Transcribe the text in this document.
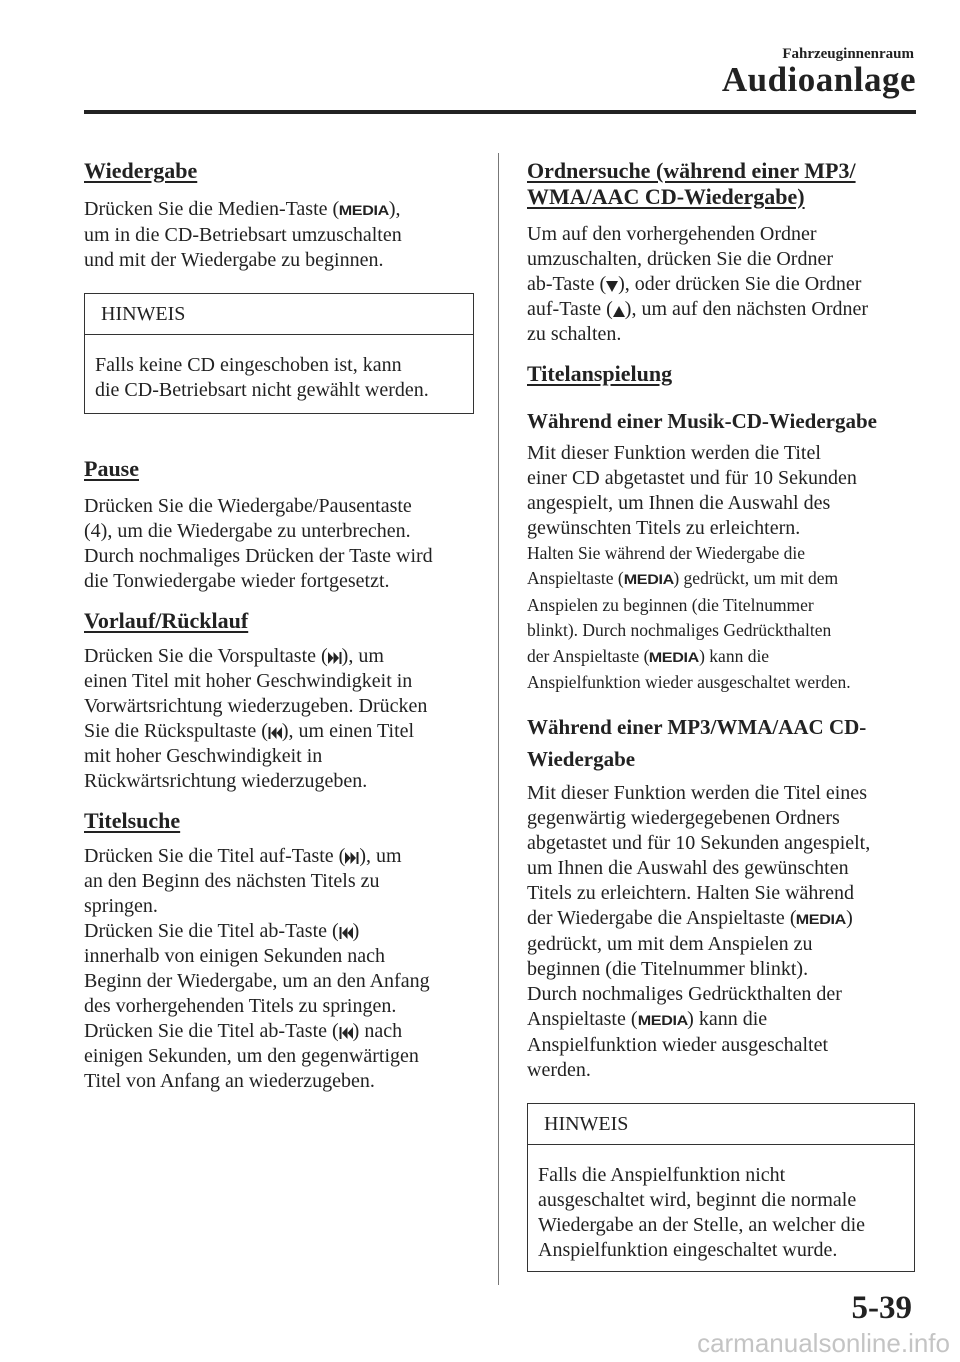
Fahrzeuginnenraum
Audioanlage
Wiedergabe
Drücken Sie die Medien-Taste (MEDIA),
um in die CD-Betriebsart umzuschalten
und mit der Wiedergabe zu beginnen.
HINWEIS
Falls keine CD eingeschoben ist, kann
die CD-Betriebsart nicht gewählt werden.
Pause
Drücken Sie die Wiedergabe/Pausentaste
(4), um die Wiedergabe zu unterbrechen.
Durch nochmaliges Drücken der Taste wird
die Tonwiedergabe wieder fortgesetzt.
Vorlauf/Rücklauf
Drücken Sie die Vorspultaste ( ), um
einen Titel mit hoher Geschwindigkeit in
Vorwärtsrichtung wiederzugeben. Drücken
Sie die Rückspultaste ( ), um einen Titel
mit hoher Geschwindigkeit in
Rückwärtsrichtung wiederzugeben.
Titelsuche
Drücken Sie die Titel auf-Taste ( ), um
an den Beginn des nächsten Titels zu
springen.
Drücken Sie die Titel ab-Taste ( )
innerhalb von einigen Sekunden nach
Beginn der Wiedergabe, um an den Anfang
des vorhergehenden Titels zu springen.
Drücken Sie die Titel ab-Taste ( ) nach
einigen Sekunden, um den gegenwärtigen
Titel von Anfang an wiederzugeben.
Ordnersuche (während einer MP3/
WMA/AAC CD-Wiedergabe)
Um auf den vorhergehenden Ordner
umzuschalten, drücken Sie die Ordner
ab-Taste ( ), oder drücken Sie die Ordner
auf-Taste ( ), um auf den nächsten Ordner
zu schalten.
Titelanspielung
Während einer Musik-CD-Wiedergabe
Mit dieser Funktion werden die Titel
einer CD abgetastet und für 10 Sekunden
angespielt, um Ihnen die Auswahl des
gewünschten Titels zu erleichtern.
Halten Sie während der Wiedergabe die
Anspieltaste (MEDIA) gedrückt, um mit dem
Anspielen zu beginnen (die Titelnummer
blinkt). Durch nochmaliges Gedrückthalten
der Anspieltaste (MEDIA) kann die
Anspielfunktion wieder ausgeschaltet werden.
Während einer MP3/WMA/AAC CD-
Wiedergabe
Mit dieser Funktion werden die Titel eines
gegenwärtig wiedergegebenen Ordners
abgetastet und für 10 Sekunden angespielt,
um Ihnen die Auswahl des gewünschten
Titels zu erleichtern. Halten Sie während
der Wiedergabe die Anspieltaste (MEDIA)
gedrückt, um mit dem Anspielen zu
beginnen (die Titelnummer blinkt).
Durch nochmaliges Gedrückthalten der
Anspieltaste (MEDIA) kann die
Anspielfunktion wieder ausgeschaltet
werden.
HINWEIS
Falls die Anspielfunktion nicht
ausgeschaltet wird, beginnt die normale
Wiedergabe an der Stelle, an welcher die
Anspielfunktion eingeschaltet wurde.
5-39
carmanualsonline.info
